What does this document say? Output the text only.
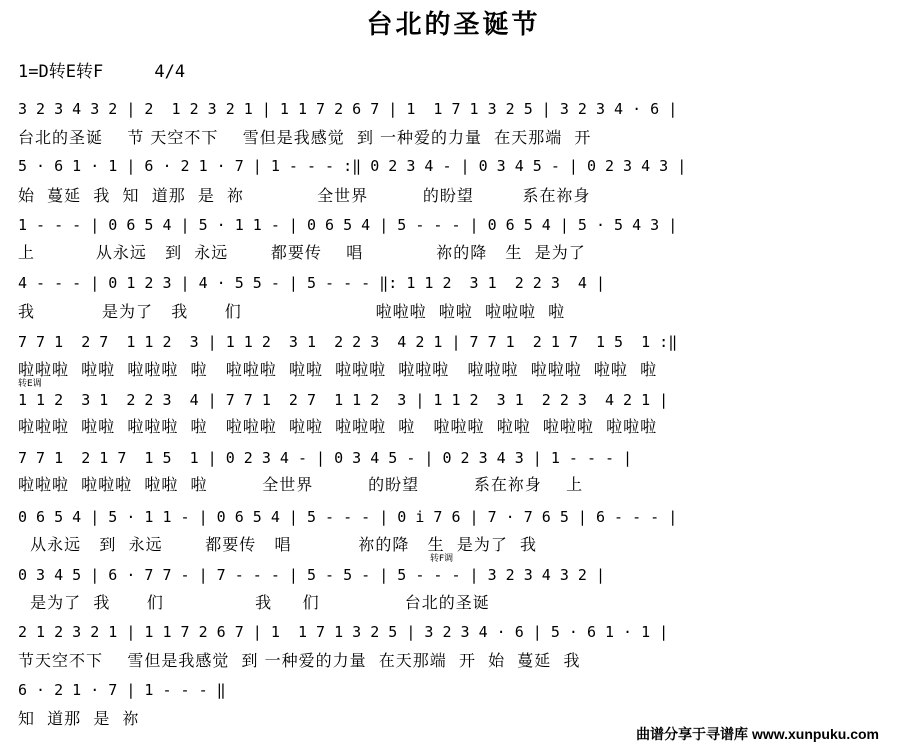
台北的圣诞节
1=D转E转F     4/4
3 2 3 4 3 2 | 2  1 2 3 2 1 | 1 1 7 2 6 7 | 1  1 7 1 3 2 5 | 3 2 3 4 · 6 |
台北的圣诞    节 天空不下    雪但是我感觉  到 一种爱的力量  在天那端  开
5 · 6 1 · 1 | 6 · 2 1 · 7 | 1 - - - :‖ 0 2 3 4 - | 0 3 4 5 - | 0 2 3 4 3 |
始  蔓延  我  知  道那  是  祢            全世界         的盼望        系在祢身
1 - - - | 0 6 5 4 | 5 · 1 1 - | 0 6 5 4 | 5 - - - | 0 6 5 4 | 5 · 5 4 3 |
上          从永远   到  永远       都要传    唱            祢的降   生  是为了
4 - - - | 0 1 2 3 | 4 · 5 5 - | 5 - - - ‖: 1 1 2  3 1  2 2 3  4 |
我           是为了   我      们                      啦啦啦  啦啦  啦啦啦  啦
7 7 1  2 7  1 1 2  3 | 1 1 2  3 1  2 2 3  4 2 1 | 7 7 1  2 1 7  1 5  1 :‖
啦啦啦  啦啦  啦啦啦  啦   啦啦啦  啦啦  啦啦啦  啦啦啦   啦啦啦  啦啦啦  啦啦  啦
转E调
1 1 2  3 1  2 2 3  4 | 7 7 1  2 7  1 1 2  3 | 1 1 2  3 1  2 2 3  4 2 1 |
啦啦啦  啦啦  啦啦啦  啦   啦啦啦  啦啦  啦啦啦  啦   啦啦啦  啦啦  啦啦啦  啦啦啦
7 7 1  2 1 7  1 5  1 | 0 2 3 4 - | 0 3 4 5 - | 0 2 3 4 3 | 1 - - - |
啦啦啦  啦啦啦  啦啦  啦         全世界         的盼望         系在祢身    上
0 6 5 4 | 5 · 1 1 - | 0 6 5 4 | 5 - - - | 0 i 7 6 | 7 · 7 6 5 | 6 - - - |
从永远   到  永远       都要传   唱           祢的降   生  是为了  我
转F调
0 3 4 5 | 6 · 7 7 - | 7 - - - | 5 - 5 - | 5 - - - | 3 2 3 4 3 2 |
是为了  我      们               我     们              台北的圣诞
2 1 2 3 2 1 | 1 1 7 2 6 7 | 1  1 7 1 3 2 5 | 3 2 3 4 · 6 | 5 · 6 1 · 1 |
节天空不下    雪但是我感觉  到 一种爱的力量  在天那端  开  始  蔓延  我
6 · 2 1 · 7 | 1 - - - ‖
知  道那  是  祢
曲谱分享于寻谱库 www.xunpuku.com
